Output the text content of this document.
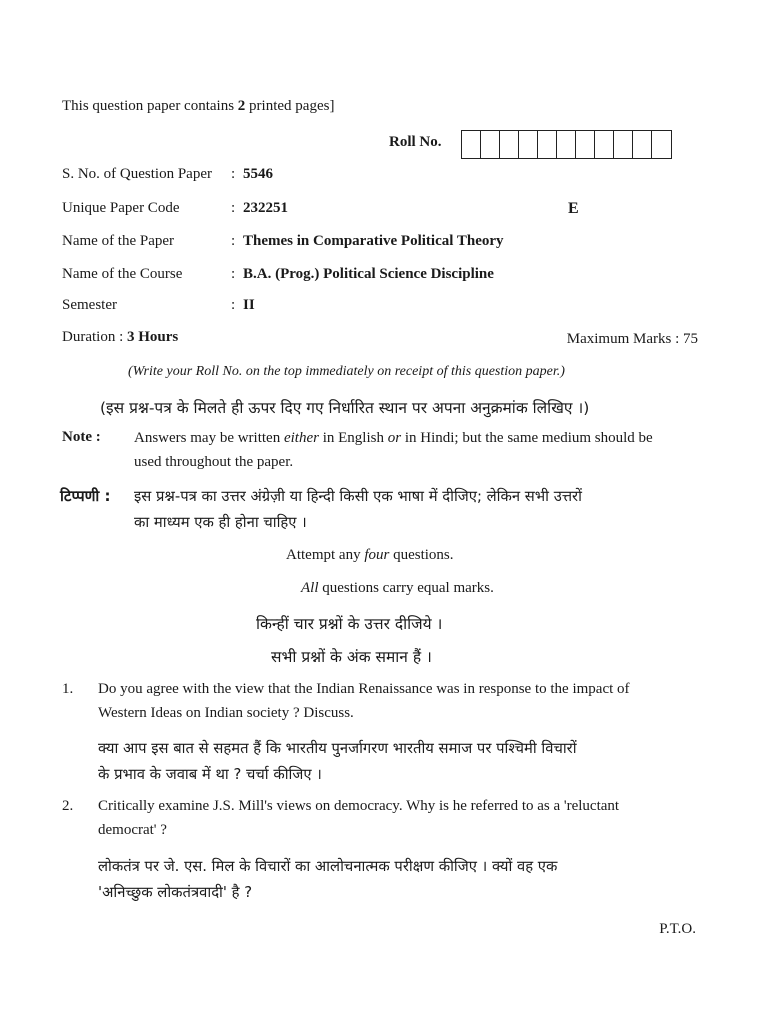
This question paper contains 2 printed pages]
Roll No.
S. No. of Question Paper : 5546
Unique Paper Code	: 232251
Name of the Paper	: Themes in Comparative Political Theory
Name of the Course	: B.A. (Prog.) Political Science Discipline
Semester	: II
E
Duration : 3 Hours	Maximum Marks : 75
(Write your Roll No. on the top immediately on receipt of this question paper.)
(इस प्रश्न-पत्र के मिलते ही ऊपर दिए गए निर्धारित स्थान पर अपना अनुक्रमांक लिखिए ।)
Note : Answers may be written either in English or in Hindi; but the same medium should be
used throughout the paper.
टिप्पणी : इस प्रश्न-पत्र का उत्तर अंग्रेज़ी या हिन्दी किसी एक भाषा में दीजिए; लेकिन सभी उत्तरों
का माध्यम एक ही होना चाहिए ।
Attempt any four questions.
All questions carry equal marks.
किन्हीं चार प्रश्नों के उत्तर दीजिये ।
सभी प्रश्नों के अंक समान हैं ।
1. Do you agree with the view that the Indian Renaissance was in response to the impact of
Western Ideas on Indian society ? Discuss.
क्या आप इस बात से सहमत हैं कि भारतीय पुनर्जागरण भारतीय समाज पर पश्चिमी विचारों
के प्रभाव के जवाब में था ? चर्चा कीजिए ।
2. Critically examine J.S. Mill's views on democracy. Why is he referred to as a 'reluctant
democrat' ?
लोकतंत्र पर जे. एस. मिल के विचारों का आलोचनात्मक परीक्षण कीजिए । क्यों वह एक
'अनिच्छुक लोकतंत्रवादी' है ?
P.T.O.
